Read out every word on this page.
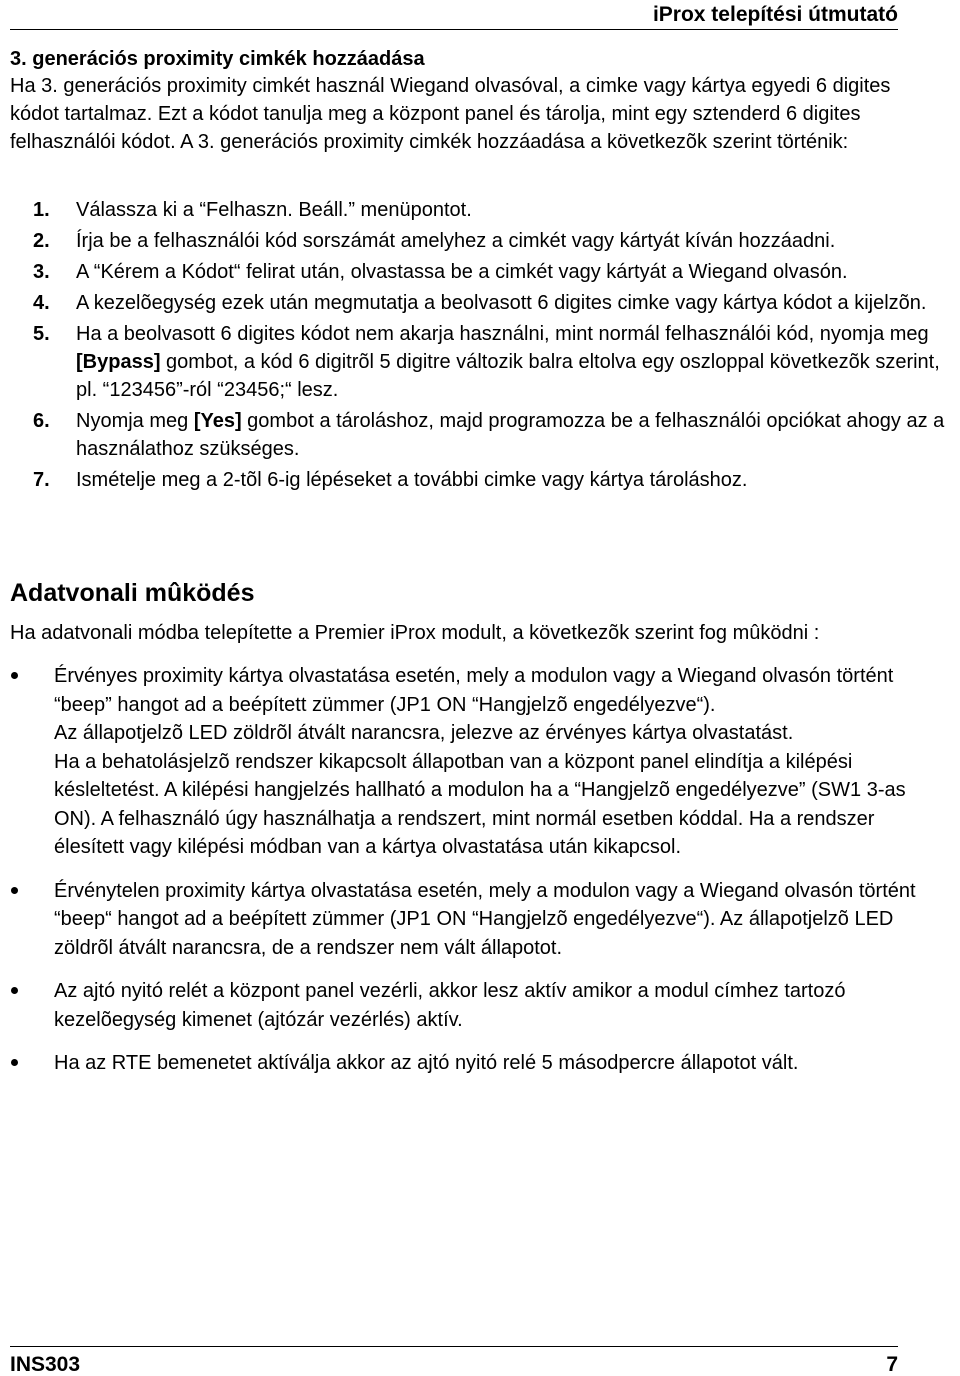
iProx telepítési útmutató
3. generációs proximity cimkék hozzáadása

Ha 3. generációs proximity cimkét használ Wiegand olvasóval, a cimke vagy kártya egyedi 6 digites kódot tartalmaz. Ezt a kódot tanulja meg a központ panel és tárolja, mint egy sztenderd 6 digites felhasználói kódot. A 3. generációs proximity cimkék hozzáadása a következõk szerint történik:

1. Válassza ki a “Felhaszn. Beáll.” menüpontot.
2. Írja be a felhasználói kód sorszámát amelyhez a cimkét vagy kártyát kíván hozzáadni.
3. A “Kérem a Kódot“ felirat után, olvastassa be a cimkét vagy kártyát a Wiegand olvasón.
4. A kezelõegység ezek után megmutatja a beolvasott 6 digites cimke vagy kártya kódot a kijelzõn.
5. Ha a beolvasott 6 digites kódot nem akarja használni, mint normál felhasználói kód, nyomja meg [Bypass] gombot, a kód 6 digitrõl 5 digitre változik balra eltolva egy oszloppal következõk szerint, pl. “123456”-ról “23456;“ lesz.
6. Nyomja meg [Yes] gombot a tároláshoz, majd programozza be a felhasználói opciókat ahogy az a használathoz szükséges.
7. Ismételje meg a 2-tõl 6-ig lépéseket a további cimke vagy kártya tároláshoz.
Adatvonali mûködés

Ha adatvonali módba telepítette a Premier iProx modult, a következõk szerint fog mûködni :

Érvényes proximity kártya olvastatása esetén, mely a modulon vagy a Wiegand olvasón történt “beep” hangot ad a beépített zümmer (JP1 ON “Hangjelzõ engedélyezve“).

Az állapotjelzõ LED zöldrõl átvált narancsra, jelezve az érvényes kártya olvastatást.

Ha a behatolásjelzõ rendszer kikapcsolt állapotban van a központ panel elindítja a kilépési késleltetést. A kilépési hangjelzés hallható a modulon ha a “Hangjelzõ engedélyezve” (SW1 3-as ON). A felhasználó úgy használhatja a rendszert, mint normál esetben kóddal. Ha a rendszer élesített vagy kilépési módban van a kártya olvastatása után kikapcsol.

Érvénytelen proximity kártya olvastatása esetén, mely a modulon vagy a Wiegand olvasón történt “beep“ hangot ad a beépített zümmer (JP1 ON “Hangjelzõ engedélyezve“). Az állapotjelzõ LED zöldrõl átvált narancsra, de a rendszer nem vált állapotot.

Az ajtó nyitó relét a központ panel vezérli, akkor lesz aktív amikor a modul címhez tartozó kezelõegység kimenet (ajtózár vezérlés) aktív.

Ha az RTE bemenetet aktíválja akkor az ajtó nyitó relé 5 másodpercre állapotot vált.

INS303	7
